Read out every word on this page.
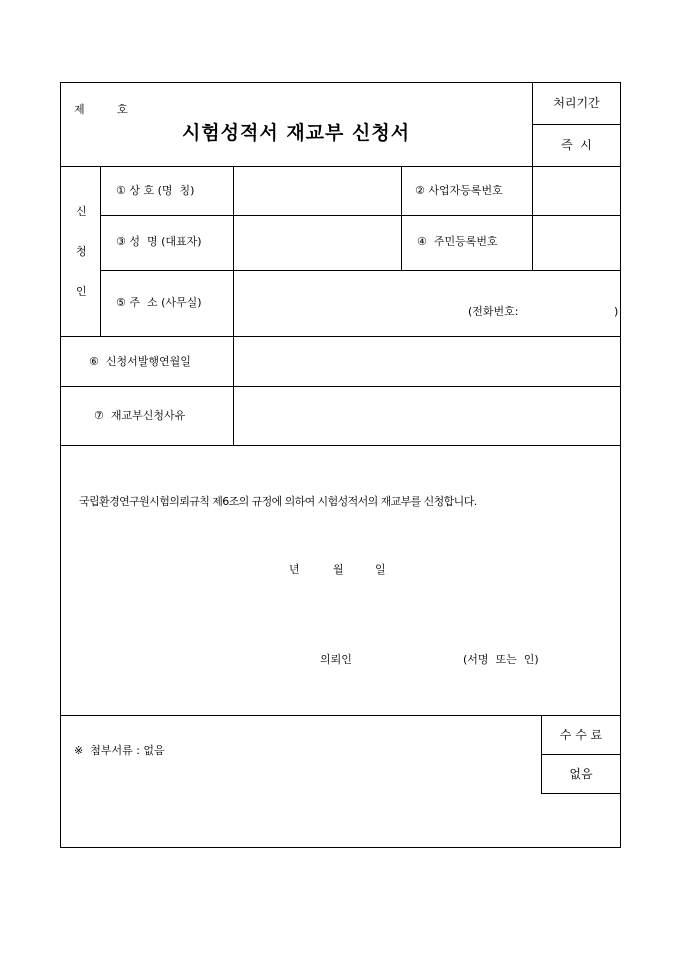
제	호
시험성적서 재교부 신청서
처리기간
즉  시
신
청
인
① 상 호 (명  칭)	② 사업자등록번호
③ 성  명 (대표자)	④  주민등록번호
⑤ 주  소 (사무실)
(전화번호:	)
⑥  신청서발행연월일
⑦  재교부신청사유
국립환경연구원시험의뢰규칙 제6조의 규정에 의하여 시험성적서의 재교부를 신청합니다.
년	월	일
의뢰인	(서명  또는  인)
※  첨부서류 : 없음
수 수 료
없음
